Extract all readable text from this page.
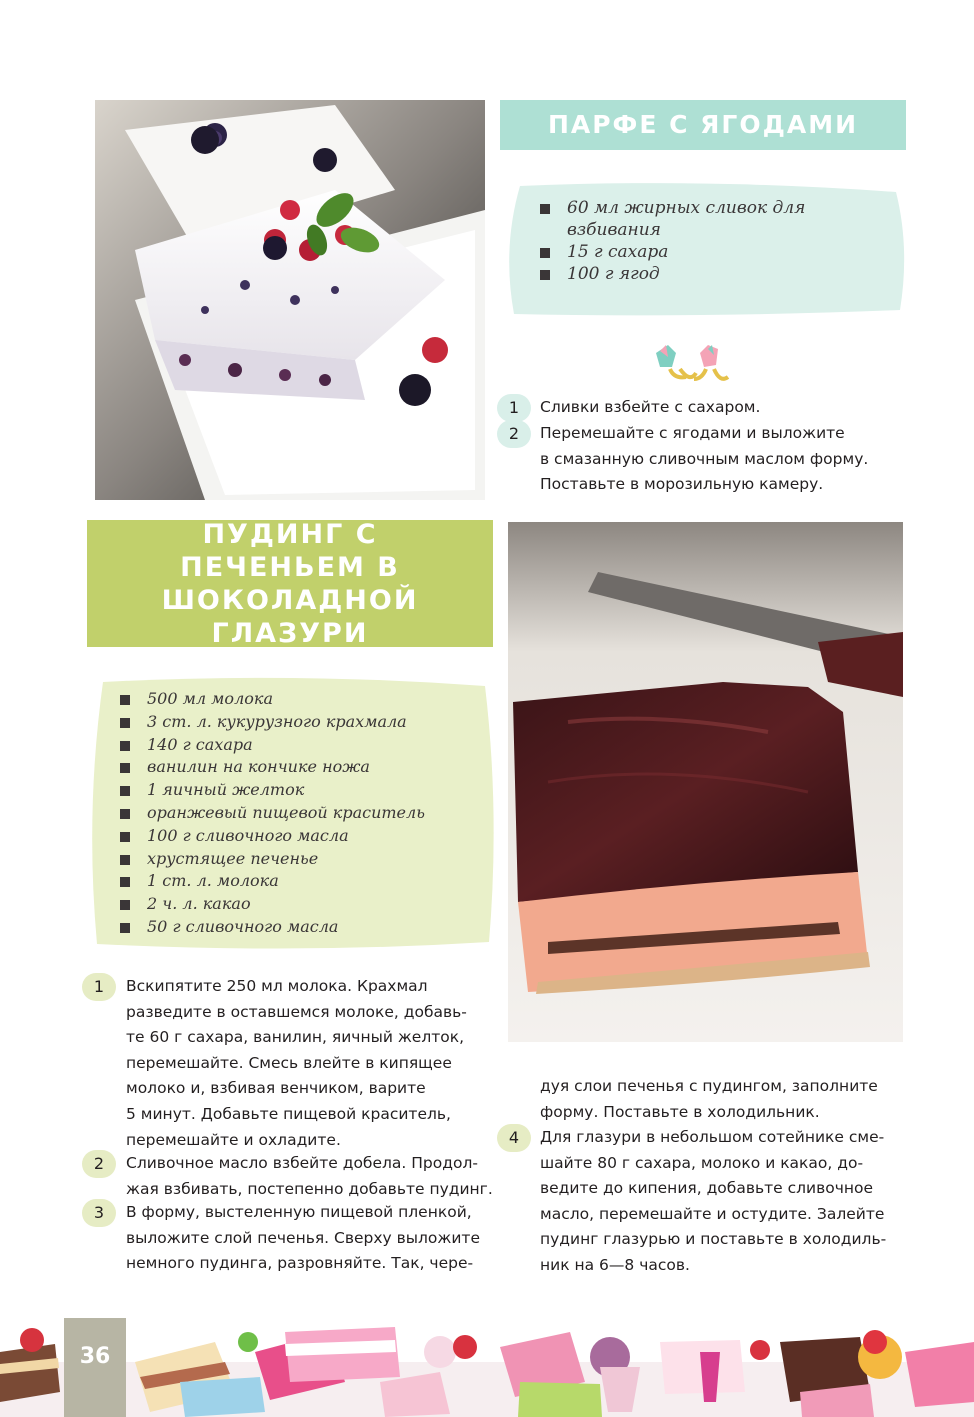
ПАРФЕ С ЯГОДАМИ
60 мл жирных сливок для взбивания
15 г сахара
100 г ягод
1	Сливки взбейте с сахаром.
2	Перемешайте с ягодами и выложите
в смазанную сливочным маслом форму.
Поставьте в морозильную камеру.
ПУДИНГ С ПЕЧЕНЬЕМ В ШОКОЛАДНОЙ ГЛАЗУРИ
500 мл молока
3 ст. л. кукурузного крахмала
140 г сахара
ванилин на кончике ножа
1 яичный желток
оранжевый пищевой краситель
100 г сливочного масла
хрустящее печенье
1 ст. л. молока
2 ч. л. какао
50 г сливочного масла
1	Вскипятите 250 мл молока. Крахмал
разведите в оставшемся молоке, добавь-
те 60 г сахара, ванилин, яичный желток,
перемешайте. Смесь влейте в кипящее
молоко и, взбивая венчиком, варите
5 минут. Добавьте пищевой краситель,
перемешайте и охладите.
2	Сливочное масло взбейте добела. Продол-
жая взбивать, постепенно добавьте пудинг.
3	В форму, выстеленную пищевой пленкой,
выложите слой печенья. Сверху выложите
немного пудинга, разровняйте. Так, чере-
дуя слои печенья с пудингом, заполните
форму. Поставьте в холодильник.
4	Для глазури в небольшом сотейнике сме-
шайте 80 г сахара, молоко и какао, до-
ведите до кипения, добавьте сливочное
масло, перемешайте и остудите. Залейте
пудинг глазурью и поставьте в холодиль-
ник на 6—8 часов.
36
